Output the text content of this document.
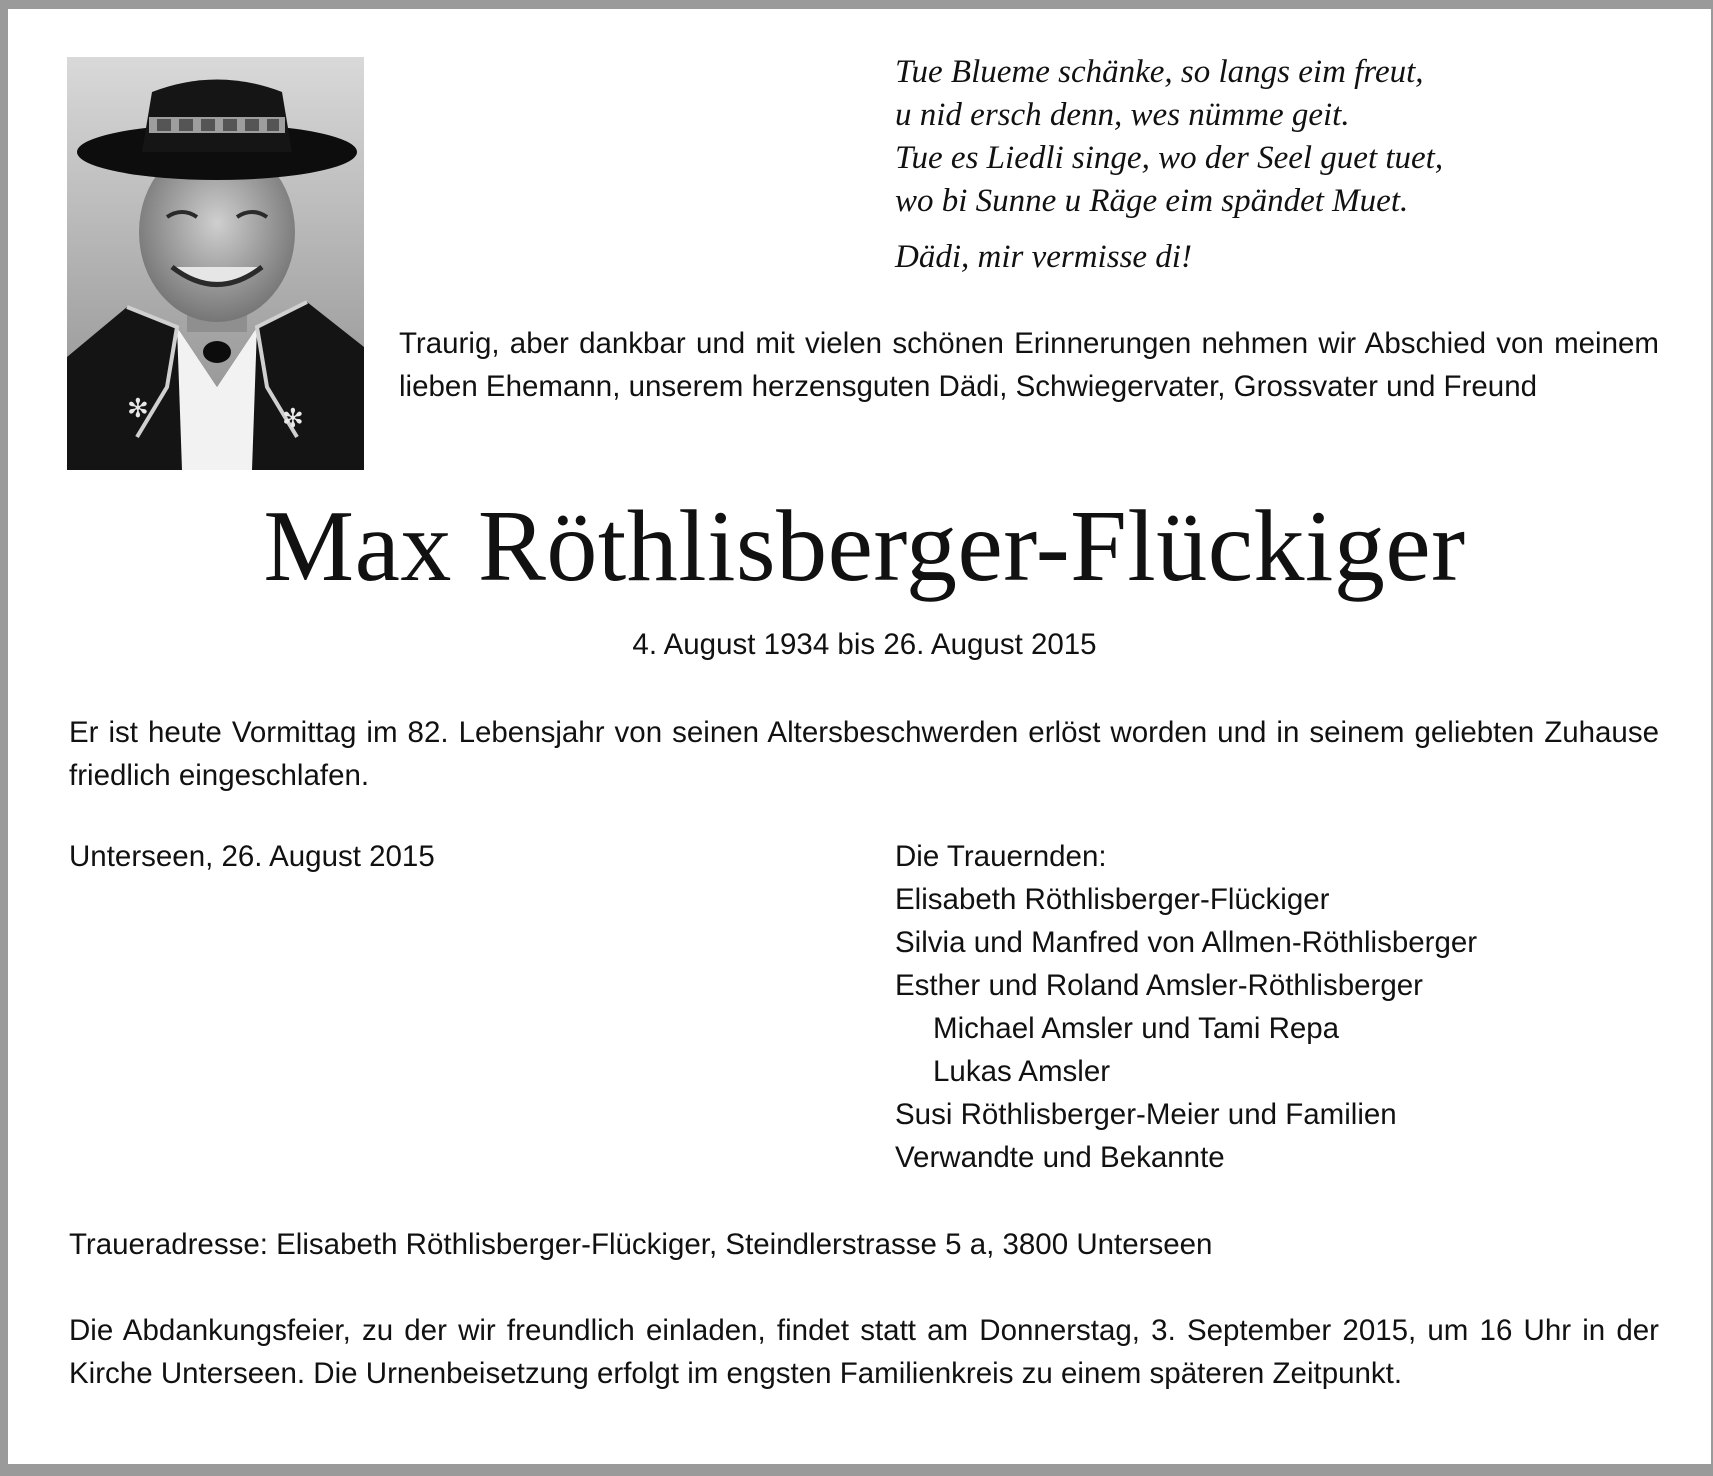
✻	✻
Tue Blueme schänke, so langs eim freut,
u nid ersch denn, wes nümme geit.
Tue es Liedli singe, wo der Seel guet tuet,
wo bi Sunne u Räge eim spändet Muet.
Dädi, mir vermisse di!
Traurig, aber dankbar und mit vielen schönen Erinnerungen nehmen wir Abschied von meinem lieben Ehemann, unserem herzensguten Dädi, Schwiegervater, Grossvater und Freund
Max Röthlisberger-Flückiger
4. August 1934 bis 26. August 2015
Er ist heute Vormittag im 82. Lebensjahr von seinen Altersbeschwerden erlöst worden und in seinem geliebten Zuhause friedlich eingeschlafen.
Unterseen, 26. August 2015	Die Trauernden:
Elisabeth Röthlisberger-Flückiger
Silvia und Manfred von Allmen-Röthlisberger
Esther und Roland Amsler-Röthlisberger
Michael Amsler und Tami Repa
Lukas Amsler
Susi Röthlisberger-Meier und Familien
Verwandte und Bekannte
Traueradresse: Elisabeth Röthlisberger-Flückiger, Steindlerstrasse 5 a, 3800 Unterseen
Die Abdankungsfeier, zu der wir freundlich einladen, findet statt am Donnerstag, 3. September 2015, um 16 Uhr in der Kirche Unterseen. Die Urnenbeisetzung erfolgt im engsten Familienkreis zu einem späteren Zeitpunkt.
